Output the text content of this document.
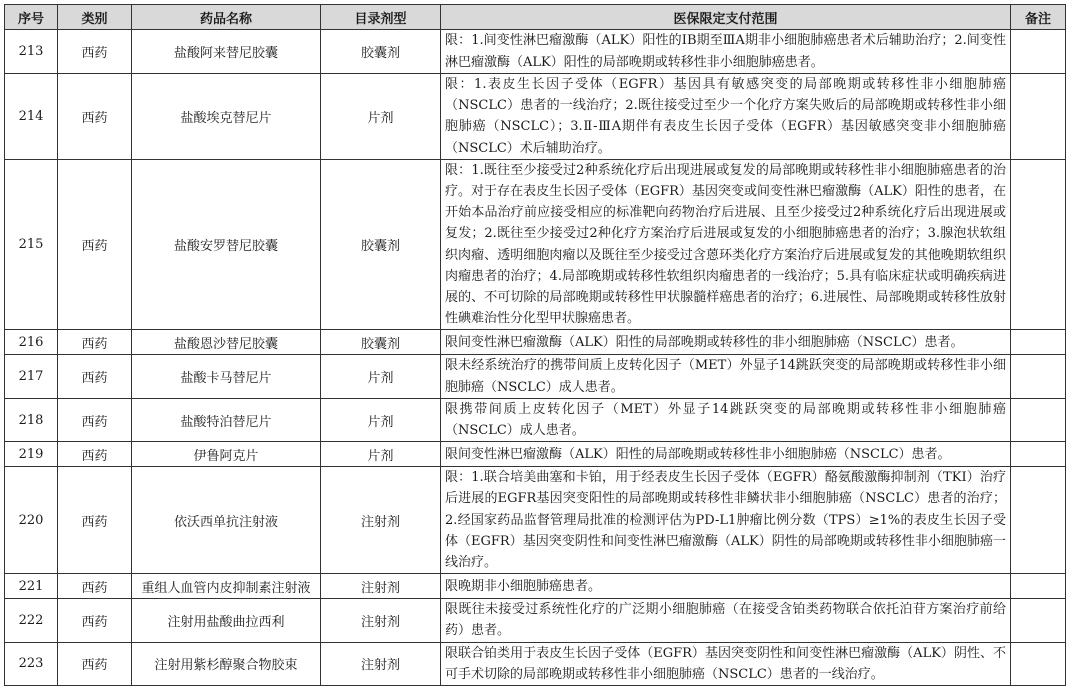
序号	类别	药品名称	目录剂型	医保限定支付范围	备注
213	西药	盐酸阿来替尼胶囊	胶囊剂	限：1.间变性淋巴瘤激酶（ALK）阳性的ⅠB期至ⅢA期非小细胞肺癌患者术后辅助治疗；2.间变性淋巴瘤激酶（ALK）阳性的局部晚期或转移性非小细胞肺癌患者。	
214	西药	盐酸埃克替尼片	片剂	限：1.表皮生长因子受体（EGFR）基因具有敏感突变的局部晚期或转移性非小细胞肺癌（NSCLC）患者的一线治疗；2.既往接受过至少一个化疗方案失败后的局部晚期或转移性非小细胞肺癌（NSCLC）；3.Ⅱ-ⅢA期伴有表皮生长因子受体（EGFR）基因敏感突变非小细胞肺癌（NSCLC）术后辅助治疗。	
215	西药	盐酸安罗替尼胶囊	胶囊剂	限：1.既往至少接受过2种系统化疗后出现进展或复发的局部晚期或转移性非小细胞肺癌患者的治疗。对于存在表皮生长因子受体（EGFR）基因突变或间变性淋巴瘤激酶（ALK）阳性的患者，在开始本品治疗前应接受相应的标准靶向药物治疗后进展、且至少接受过2种系统化疗后出现进展或复发；2.既往至少接受过2种化疗方案治疗后进展或复发的小细胞肺癌患者的治疗；3.腺泡状软组织肉瘤、透明细胞肉瘤以及既往至少接受过含蒽环类化疗方案治疗后进展或复发的其他晚期软组织肉瘤患者的治疗；4.局部晚期或转移性软组织肉瘤患者的一线治疗；5.具有临床症状或明确疾病进展的、不可切除的局部晚期或转移性甲状腺髓样癌患者的治疗；6.进展性、局部晚期或转移性放射性碘难治性分化型甲状腺癌患者。	
216	西药	盐酸恩沙替尼胶囊	胶囊剂	限间变性淋巴瘤激酶（ALK）阳性的局部晚期或转移性的非小细胞肺癌（NSCLC）患者。	
217	西药	盐酸卡马替尼片	片剂	限未经系统治疗的携带间质上皮转化因子（MET）外显子14跳跃突变的局部晚期或转移性非小细胞肺癌（NSCLC）成人患者。	
218	西药	盐酸特泊替尼片	片剂	限携带间质上皮转化因子（MET）外显子14跳跃突变的局部晚期或转移性非小细胞肺癌（NSCLC）成人患者。	
219	西药	伊鲁阿克片	片剂	限间变性淋巴瘤激酶（ALK）阳性的局部晚期或转移性非小细胞肺癌（NSCLC）患者。	
220	西药	依沃西单抗注射液	注射剂	限：1.联合培美曲塞和卡铂，用于经表皮生长因子受体（EGFR）酪氨酸激酶抑制剂（TKI）治疗后进展的EGFR基因突变阳性的局部晚期或转移性非鳞状非小细胞肺癌（NSCLC）患者的治疗；2.经国家药品监督管理局批准的检测评估为PD-L1肿瘤比例分数（TPS）≥1%的表皮生长因子受体（EGFR）基因突变阴性和间变性淋巴瘤激酶（ALK）阴性的局部晚期或转移性非小细胞肺癌一线治疗。	
221	西药	重组人血管内皮抑制素注射液	注射剂	限晚期非小细胞肺癌患者。	
222	西药	注射用盐酸曲拉西利	注射剂	限既往未接受过系统性化疗的广泛期小细胞肺癌（在接受含铂类药物联合依托泊苷方案治疗前给药）患者。	
223	西药	注射用紫杉醇聚合物胶束	注射剂	限联合铂类用于表皮生长因子受体（EGFR）基因突变阴性和间变性淋巴瘤激酶（ALK）阴性、不可手术切除的局部晚期或转移性非小细胞肺癌（NSCLC）患者的一线治疗。	
